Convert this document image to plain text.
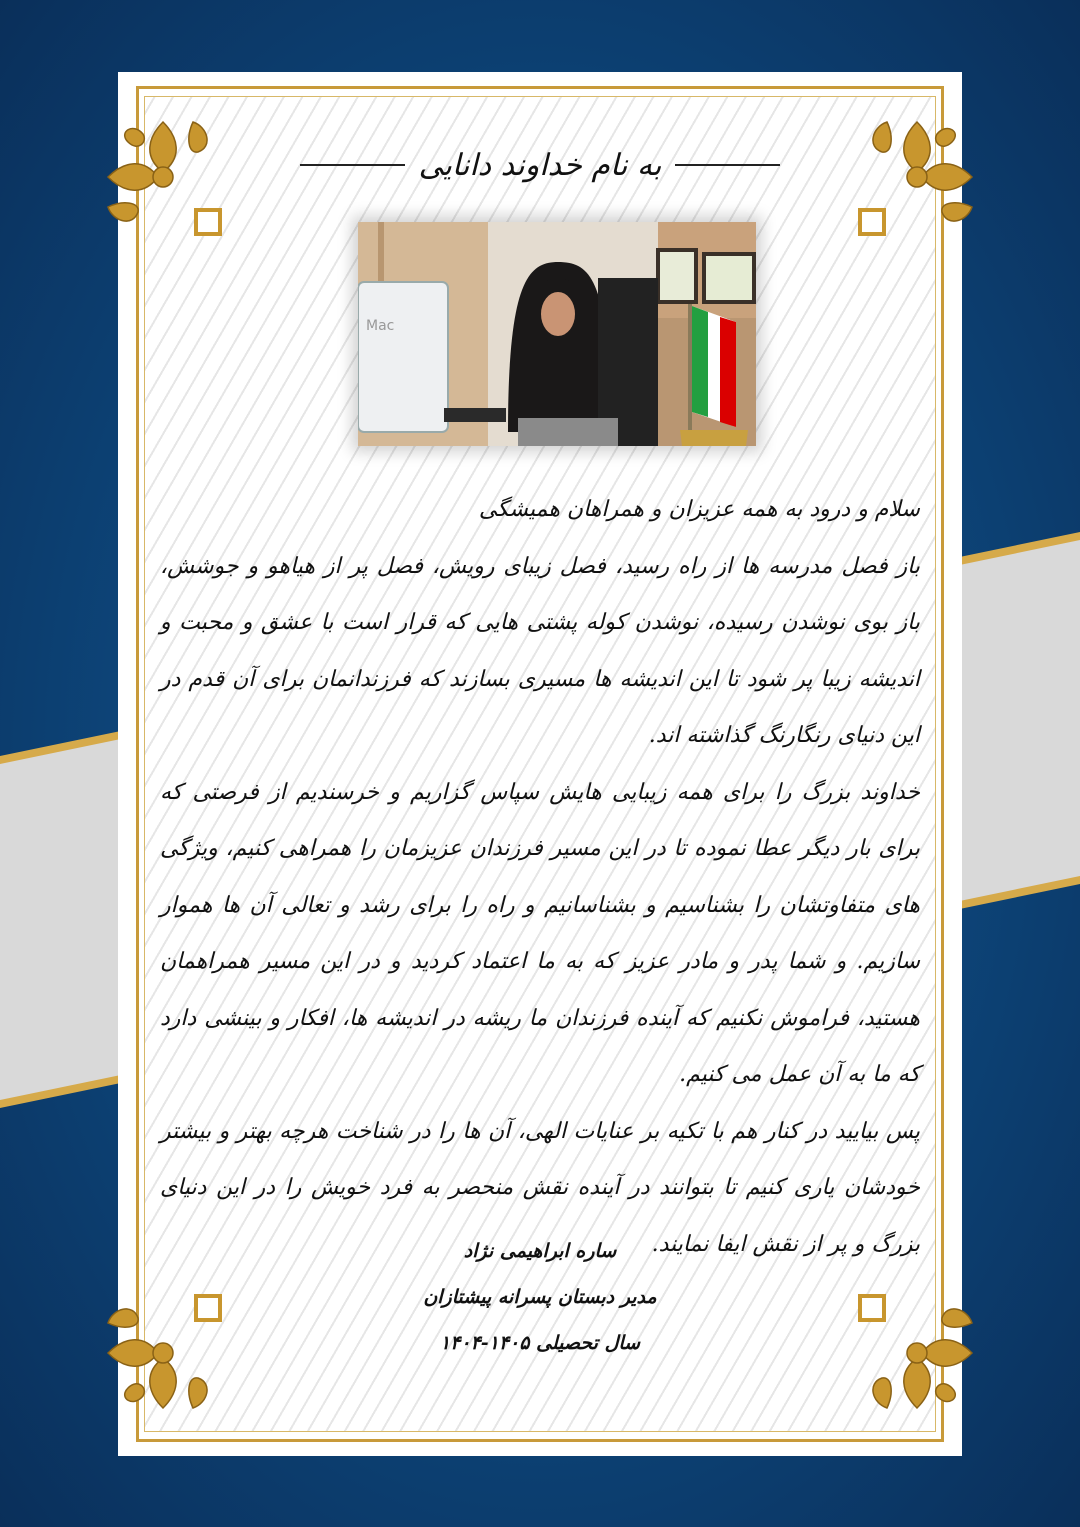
به نام خداوند دانایی
Mac

سلام و درود به همه عزیزان و همراهان همیشگی

باز فصل مدرسه ها از راه رسید، فصل زیبای رویش، فصل پر از هیاهو و جوشش، باز بوی نوشدن رسیده، نوشدن کوله پشتی هایی که قرار است با عشق و محبت و اندیشه زیبا پر شود تا این اندیشه ها مسیری بسازند که فرزندانمان برای آن قدم در این دنیای رنگارنگ گذاشته اند.

خداوند بزرگ را برای همه زیبایی هایش سپاس گزاریم و خرسندیم از فرصتی که برای بار دیگر عطا نموده تا در این مسیر فرزندان عزیزمان را همراهی کنیم، ویژگی های متفاوتشان را بشناسیم و بشناسانیم و راه را برای رشد و تعالی آن ها هموار سازیم. و شما پدر و مادر عزیز که به ما اعتماد کردید و در این مسیر همراهمان هستید، فراموش نکنیم که آینده فرزندان ما ریشه در اندیشه ها، افکار و بینشی دارد که ما به آن عمل می کنیم.

پس بیایید در کنار هم با تکیه بر عنایات الهی، آن ها را در شناخت هرچه بهتر و بیشتر خودشان یاری کنیم تا بتوانند در آینده نقش منحصر به فرد خویش را در این دنیای بزرگ و پر از نقش ایفا نمایند.

ساره ابراهیمی نژاد
مدیر دبستان پسرانه پیشتازان
سال تحصیلی ۱۴۰۵-۱۴۰۴
